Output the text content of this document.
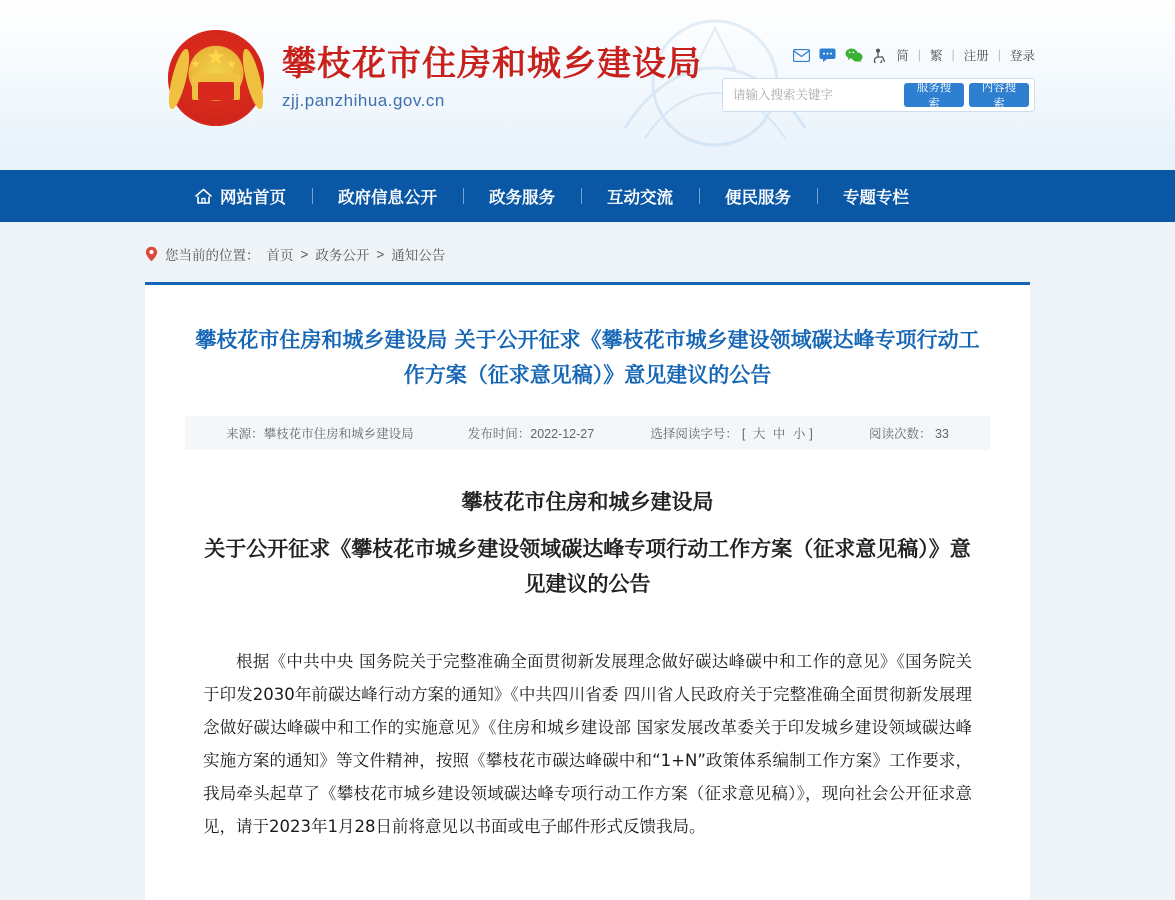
★
★ ★ 攀枝花市住房和城乡建设局
zjj.panzhihua.gov.cn
简 | 繁 | 注册 | 登录
请输入搜索关键字
服务搜索
内容搜索
网站首页	政府信息公开	政务服务	互动交流	便民服务	专题专栏
您当前的位置： 首页 > 政务公开 > 通知公告
攀枝花市住房和城乡建设局 关于公开征求《攀枝花市城乡建设领域碳达峰专项行动工作方案（征求意见稿）》意见建议的公告
来源：攀枝花市住房和城乡建设局	发布时间：2022-12-27	选择阅读字号： [ 大 中 小 ]	阅读次数： 33
攀枝花市住房和城乡建设局
关于公开征求《攀枝花市城乡建设领域碳达峰专项行动工作方案（征求意见稿）》意见建议的公告

根据《中共中央 国务院关于完整准确全面贯彻新发展理念做好碳达峰碳中和工作的意见》《国务院关于印发2030年前碳达峰行动方案的通知》《中共四川省委 四川省人民政府关于完整准确全面贯彻新发展理念做好碳达峰碳中和工作的实施意见》《住房和城乡建设部 国家发展改革委关于印发城乡建设领域碳达峰实施方案的通知》等文件精神，按照《攀枝花市碳达峰碳中和“1+N”政策体系编制工作方案》工作要求，我局牵头起草了《攀枝花市城乡建设领域碳达峰专项行动工作方案（征求意见稿）》，现向社会公开征求意见，请于2023年1月28日前将意见以书面或电子邮件形式反馈我局。
